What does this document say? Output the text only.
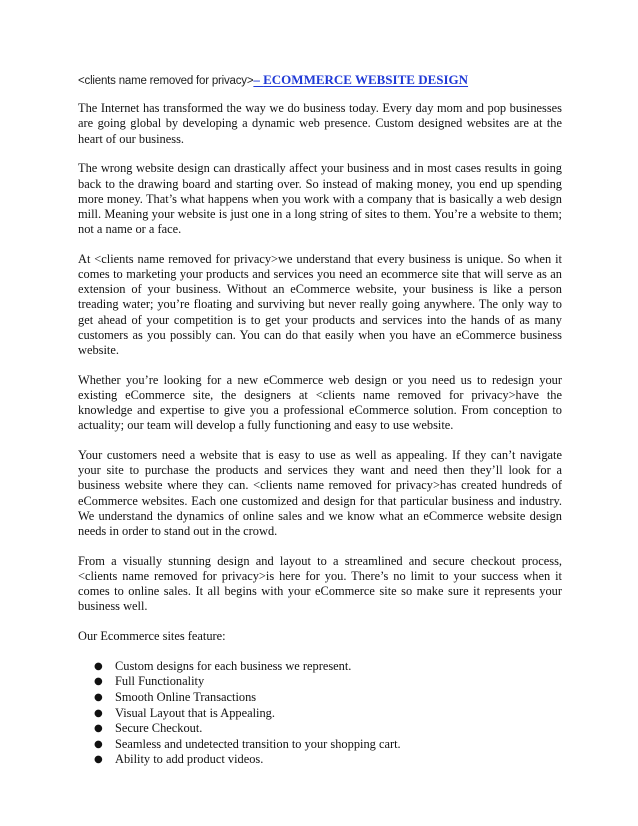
<clients name removed for privacy>– ECOMMERCE WEBSITE DESIGN

The Internet has transformed the way we do business today. Every day mom and pop businesses are going global by developing a dynamic web presence. Custom designed websites are at the heart of our business.

The wrong website design can drastically affect your business and in most cases results in going back to the drawing board and starting over. So instead of making money, you end up spending more money. That’s what happens when you work with a company that is basically a web design mill. Meaning your website is just one in a long string of sites to them. You’re a website to them; not a name or a face.

At <clients name removed for privacy>we understand that every business is unique. So when it comes to marketing your products and services you need an ecommerce site that will serve as an extension of your business. Without an eCommerce website, your business is like a person treading water; you’re floating and surviving but never really going anywhere. The only way to get ahead of your competition is to get your products and services into the hands of as many customers as you possibly can. You can do that easily when you have an eCommerce business website.

Whether you’re looking for a new eCommerce web design or you need us to redesign your existing eCommerce site, the designers at <clients name removed for privacy>have the knowledge and expertise to give you a professional eCommerce solution. From conception to actuality; our team will develop a fully functioning and easy to use website.

Your customers need a website that is easy to use as well as appealing. If they can’t navigate your site to purchase the products and services they want and need then they’ll look for a business website where they can. <clients name removed for privacy>has created hundreds of eCommerce websites. Each one customized and design for that particular business and industry. We understand the dynamics of online sales and we know what an eCommerce website design needs in order to stand out in the crowd.

From a visually stunning design and layout to a streamlined and secure checkout process, <clients name removed for privacy>is here for you. There’s no limit to your success when it comes to online sales. It all begins with your eCommerce site so make sure it represents your business well.

Our Ecommerce sites feature:

● Custom designs for each business we represent.
● Full Functionality
● Smooth Online Transactions
● Visual Layout that is Appealing.
● Secure Checkout.
● Seamless and undetected transition to your shopping cart.
● Ability to add product videos.
